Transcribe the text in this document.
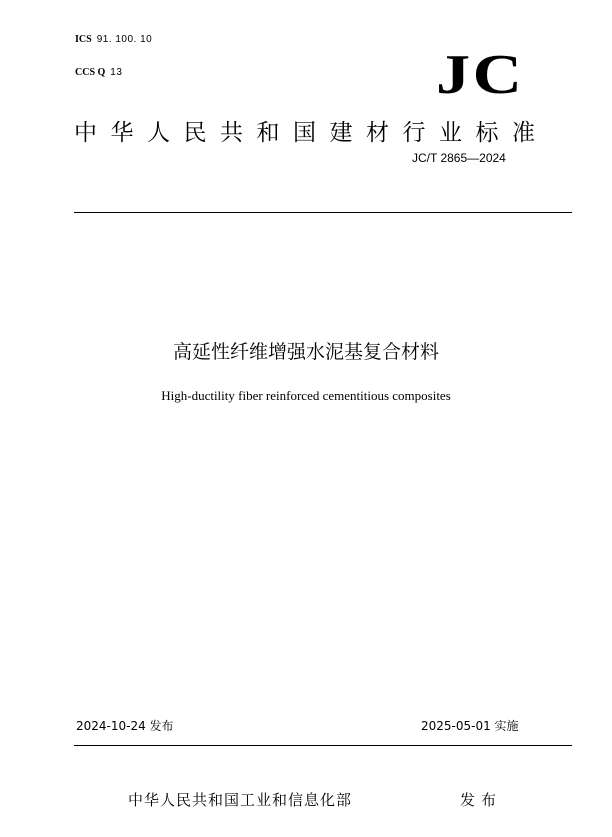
ICS 91. 100. 10
CCS Q 13	JC
中华人民共和国建材行业标准
JC/T 2865—2024
高延性纤维增强水泥基复合材料
High-ductility fiber reinforced cementitious composites
2024-10-24 发布	2025-05-01 实施
中华人民共和国工业和信息化部	发布
